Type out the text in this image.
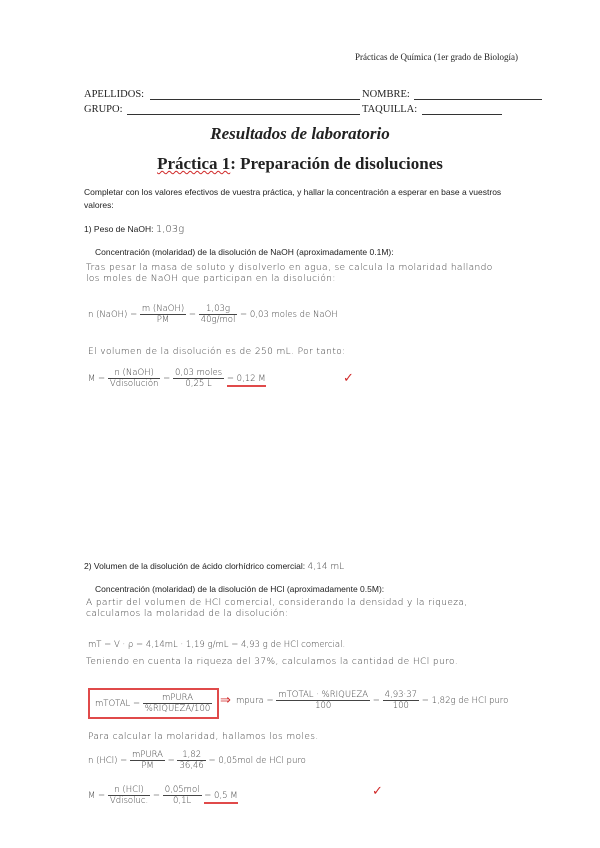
Prácticas de Química (1er grado de Biología)
APELLIDOS:	NOMBRE:
GRUPO:	TAQUILLA:
Resultados de laboratorio
Práctica 1: Preparación de disoluciones
Completar con los valores efectivos de vuestra práctica, y hallar la concentración a esperar en base a vuestros valores:
1) Peso de NaOH: 1,03g
Concentración (molaridad) de la disolución de NaOH (aproximadamente 0.1M):
Tras pesar la masa de soluto y disolverlo en agua, se calcula la molaridad hallando los moles de NaOH que participan en la disolución:
n (NaOH) = $\frac{\text{m (NaOH)}}{PM} = \frac{1,03g}{\text{40g/mol}} = 0,03$ moles de NaOH
El volumen de la disolución es de 250 mL. Por tanto:
$M = \frac{\text{n (NaOH)}}{\text{Vdisolución}} = \frac{\text{0,03 moles}}{0,25 L} = 0,12$ M	✓
2) Volumen de la disolución de ácido clorhídrico comercial: 4,14 mL
Concentración (molaridad) de la disolución de HCl (aproximadamente 0.5M):
A partir del volumen de HCl comercial, considerando la densidad y la riqueza, calculamos la molaridad de la disolución:
mT = V · ρ = 4,14mL · 1,19 g/mL = 4,93 g de HCl comercial.
Teniendo en cuenta la riqueza del 37%, calculamos la cantidad de HCl puro.
mTOTAL = $\frac{\text{mPURA}}{\text{\%RIQUEZA/100}}$ ⇒ mpura = $\frac{\text{mTOTAL · \%RIQUEZA}}{100} = \frac{4,93\cdot 37}{100} = 1,82g$ de HCl puro
Para calcular la molaridad, hallamos los moles.
n $(HCl) = \frac{\text{mPURA}}{PM} = \frac{1,82}{36,46} = 0,05mol$ de HCl puro
$M = \frac{\text{n (HCl)}}{\text{Vdisoluc.}} = \frac{\text{0,05mol}}{0,1L} = 0,5$ M	✓
